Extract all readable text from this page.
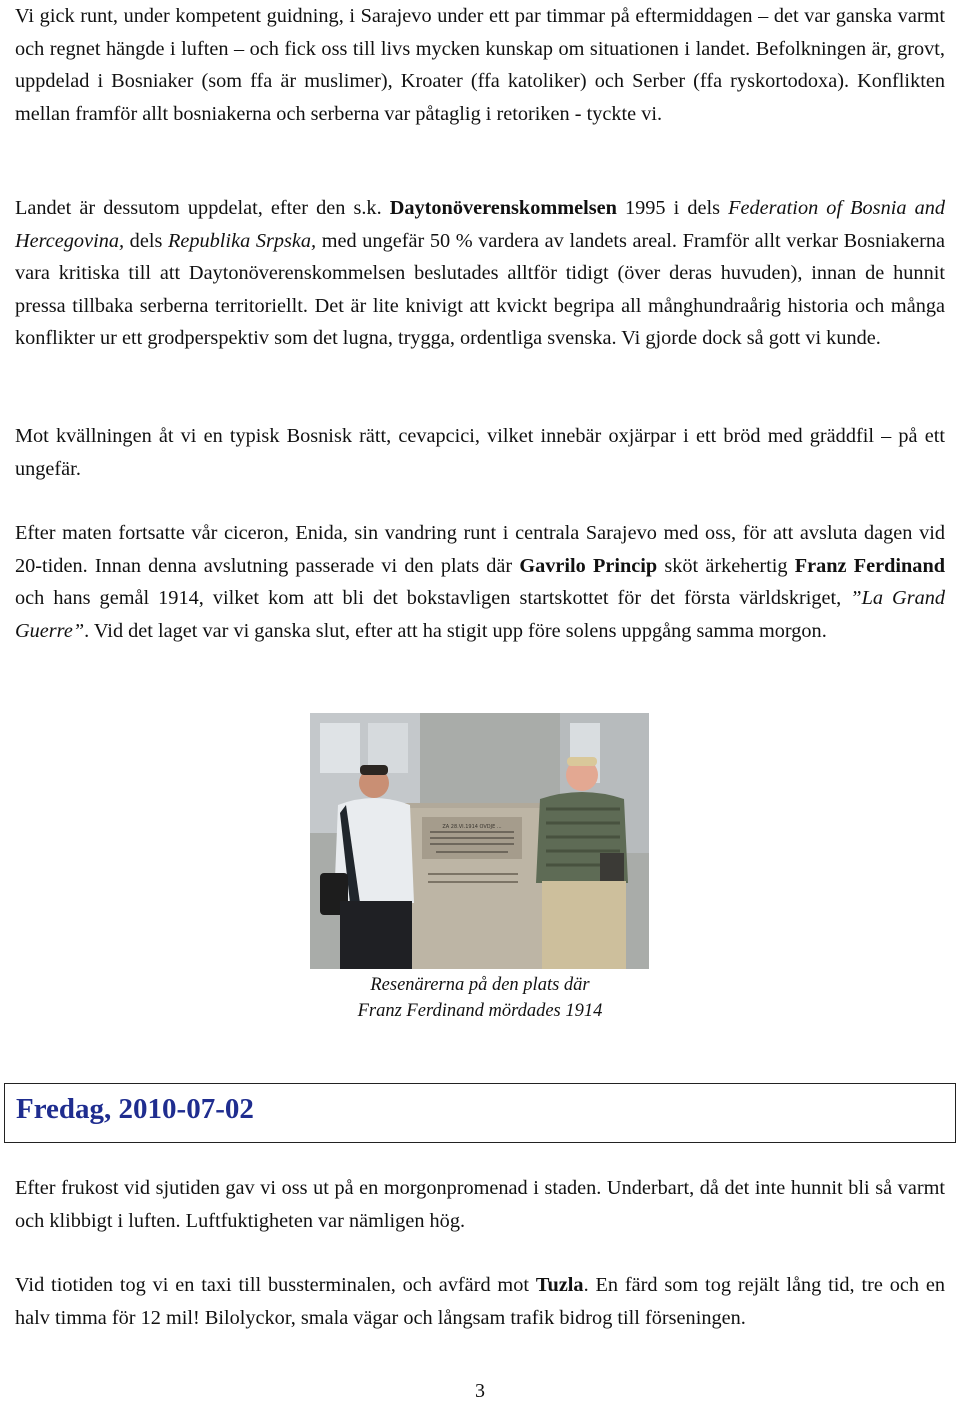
Vi gick runt, under kompetent guidning, i Sarajevo under ett par timmar på eftermiddagen – det var ganska varmt och regnet hängde i luften – och fick oss till livs mycken kunskap om situationen i landet. Befolkningen är, grovt, uppdelad i Bosniaker (som ffa är muslimer), Kroater (ffa katoliker) och Serber (ffa ryskortodoxa). Konflikten mellan framför allt bosniakerna och serberna var påtaglig i retoriken - tyckte vi.

Landet är dessutom uppdelat, efter den s.k. Daytonöverenskommelsen 1995 i dels Federation of Bosnia and Hercegovina, dels Republika Srpska, med ungefär 50 % vardera av landets areal. Framför allt verkar Bosniakerna vara kritiska till att Daytonöverenskommelsen beslutades alltför tidigt (över deras huvuden), innan de hunnit pressa tillbaka serberna territoriellt. Det är lite knivigt att kvickt begripa all månghundraårig historia och många konflikter ur ett grodperspektiv som det lugna, trygga, ordentliga svenska. Vi gjorde dock så gott vi kunde.

Mot kvällningen åt vi en typisk Bosnisk rätt, cevapcici, vilket innebär oxjärpar i ett bröd med gräddfil – på ett ungefär.

Efter maten fortsatte vår ciceron, Enida, sin vandring runt i centrala Sarajevo med oss, för att avsluta dagen vid 20-tiden. Innan denna avslutning passerade vi den plats där Gavrilo Princip sköt ärkehertig Franz Ferdinand och hans gemål 1914, vilket kom att bli det bokstavligen startskottet för det första världskriget, ”La Grand Guerre”. Vid det laget var vi ganska slut, efter att ha stigit upp före solens uppgång samma morgon.

ZA 28.VI.1914 OVDJE ...

Resenärerna på den plats där
Franz Ferdinand mördades 1914

Fredag, 2010-07-02

Efter frukost vid sjutiden gav vi oss ut på en morgonpromenad i staden. Underbart, då det inte hunnit bli så varmt och klibbigt i luften. Luftfuktigheten var nämligen hög.

Vid tiotiden tog vi en taxi till bussterminalen, och avfärd mot Tuzla. En färd som tog rejält lång tid, tre och en halv timma för 12 mil! Bilolyckor, smala vägar och långsam trafik bidrog till förseningen.

3
